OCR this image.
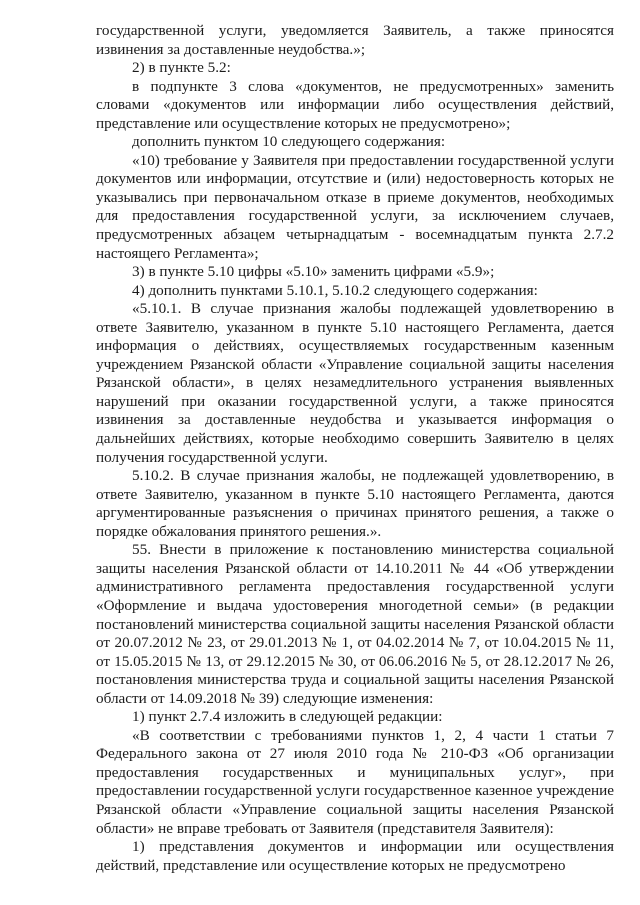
государственной услуги, уведомляется Заявитель, а также приносятся извинения за доставленные неудобства.»;

2) в пункте 5.2:

в подпункте 3 слова «документов, не предусмотренных» заменить словами «документов или информации либо осуществления действий, представление или осуществление которых не предусмотрено»;

дополнить пунктом 10 следующего содержания:

«10) требование у Заявителя при предоставлении государственной услуги документов или информации, отсутствие и (или) недостоверность которых не указывались при первоначальном отказе в приеме документов, необходимых для предоставления государственной услуги, за исключением случаев, предусмотренных абзацем четырнадцатым - восемнадцатым пункта 2.7.2 настоящего Регламента»;

3) в пункте 5.10 цифры «5.10» заменить цифрами «5.9»;

4) дополнить пунктами 5.10.1, 5.10.2 следующего содержания:

«5.10.1. В случае признания жалобы подлежащей удовлетворению в ответе Заявителю, указанном в пункте 5.10 настоящего Регламента, дается информация о действиях, осуществляемых государственным казенным учреждением Рязанской области «Управление социальной защиты населения Рязанской области», в целях незамедлительного устранения выявленных нарушений при оказании государственной услуги, а также приносятся извинения за доставленные неудобства и указывается информация о дальнейших действиях, которые необходимо совершить Заявителю в целях получения государственной услуги.

5.10.2. В случае признания жалобы, не подлежащей удовлетворению, в ответе Заявителю, указанном в пункте 5.10 настоящего Регламента, даются аргументированные разъяснения о причинах принятого решения, а также о порядке обжалования принятого решения.».

55. Внести в приложение к постановлению министерства социальной защиты населения Рязанской области от 14.10.2011 № 44 «Об утверждении административного регламента предоставления государственной услуги «Оформление и выдача удостоверения многодетной семьи» (в редакции постановлений министерства социальной защиты населения Рязанской области от 20.07.2012 № 23, от 29.01.2013 № 1, от 04.02.2014 № 7, от 10.04.2015 № 11, от 15.05.2015 № 13, от 29.12.2015 № 30, от 06.06.2016 № 5, от 28.12.2017 № 26, постановления министерства труда и социальной защиты населения Рязанской области от 14.09.2018 № 39) следующие изменения:

1) пункт 2.7.4 изложить в следующей редакции:

«В соответствии с требованиями пунктов 1, 2, 4 части 1 статьи 7 Федерального закона от 27 июля 2010 года № 210-ФЗ «Об организации предоставления государственных и муниципальных услуг», при предоставлении государственной услуги государственное казенное учреждение Рязанской области «Управление социальной защиты населения Рязанской области» не вправе требовать от Заявителя (представителя Заявителя):

1) представления документов и информации или осуществления действий, представление или осуществление которых не предусмотрено
